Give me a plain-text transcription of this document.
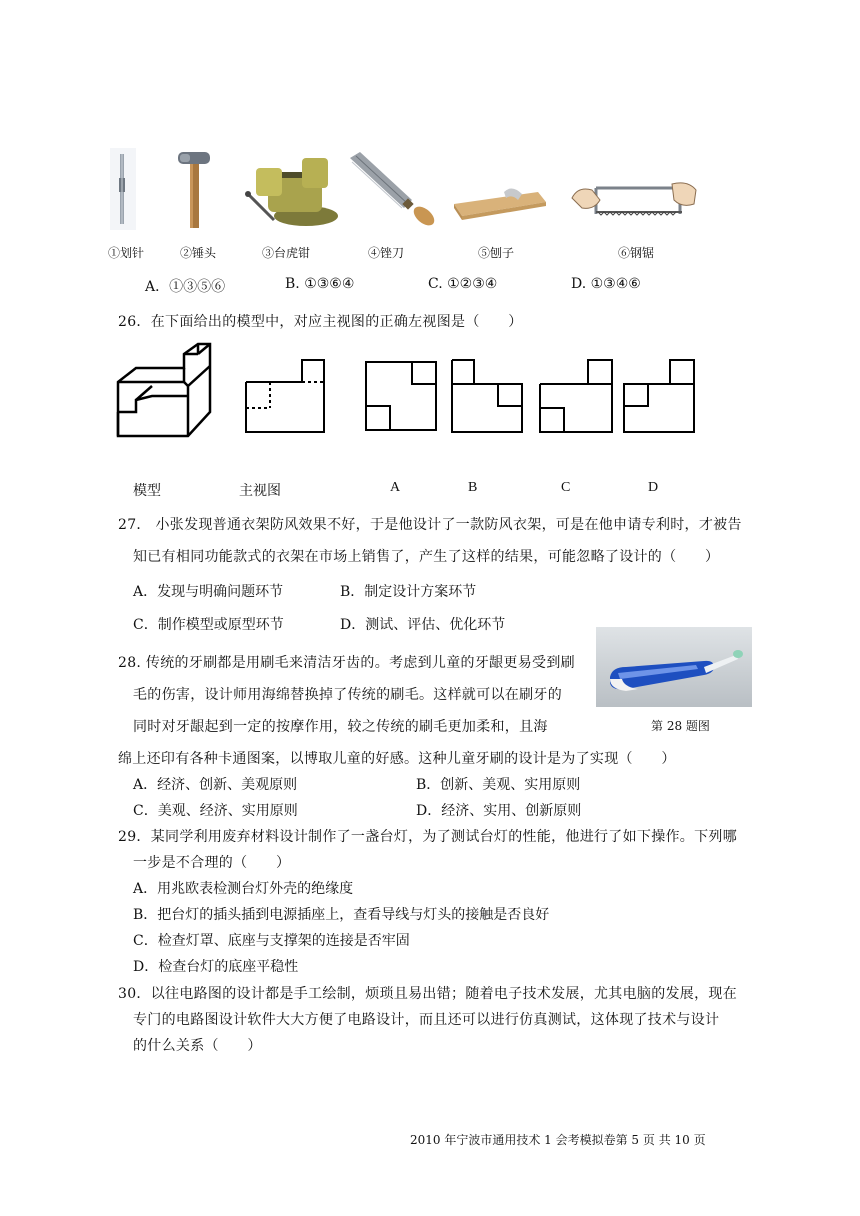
①划针	②锤头	③台虎钳	④锉刀	⑤刨子	⑥钢锯
A．①③⑤⑥	B. ①③⑥④	C. ①②③④	D. ①③④⑥
26．在下面给出的模型中，对应主视图的正确左视图是（　　）
模型	主视图	A	B	C	D
27． 小张发现普通衣架防风效果不好，于是他设计了一款防风衣架，可是在他申请专利时，才被告
知已有相同功能款式的衣架在市场上销售了，产生了这样的结果，可能忽略了设计的（　　）
A．发现与明确问题环节	B．制定设计方案环节
C．制作模型或原型环节	D．测试、评估、优化环节
第 28 题图
28. 传统的牙刷都是用刷毛来清洁牙齿的。考虑到儿童的牙龈更易受到刷
毛的伤害，设计师用海绵替换掉了传统的刷毛。这样就可以在刷牙的
同时对牙龈起到一定的按摩作用，较之传统的刷毛更加柔和，且海
绵上还印有各种卡通图案，以博取儿童的好感。这种儿童牙刷的设计是为了实现（　　）
A．经济、创新、美观原则	B．创新、美观、实用原则
C．美观、经济、实用原则	D．经济、实用、创新原则
29．某同学利用废弃材料设计制作了一盏台灯，为了测试台灯的性能，他进行了如下操作。下列哪
一步是不合理的（　　）
A．用兆欧表检测台灯外壳的绝缘度
B．把台灯的插头插到电源插座上，查看导线与灯头的接触是否良好
C．检查灯罩、底座与支撑架的连接是否牢固
D．检查台灯的底座平稳性
30．以往电路图的设计都是手工绘制，烦琐且易出错；随着电子技术发展，尤其电脑的发展，现在
专门的电路图设计软件大大方便了电路设计，而且还可以进行仿真测试，这体现了技术与设计
的什么关系（　　）
2010 年宁波市通用技术 1 会考模拟卷第 5 页 共 10 页
